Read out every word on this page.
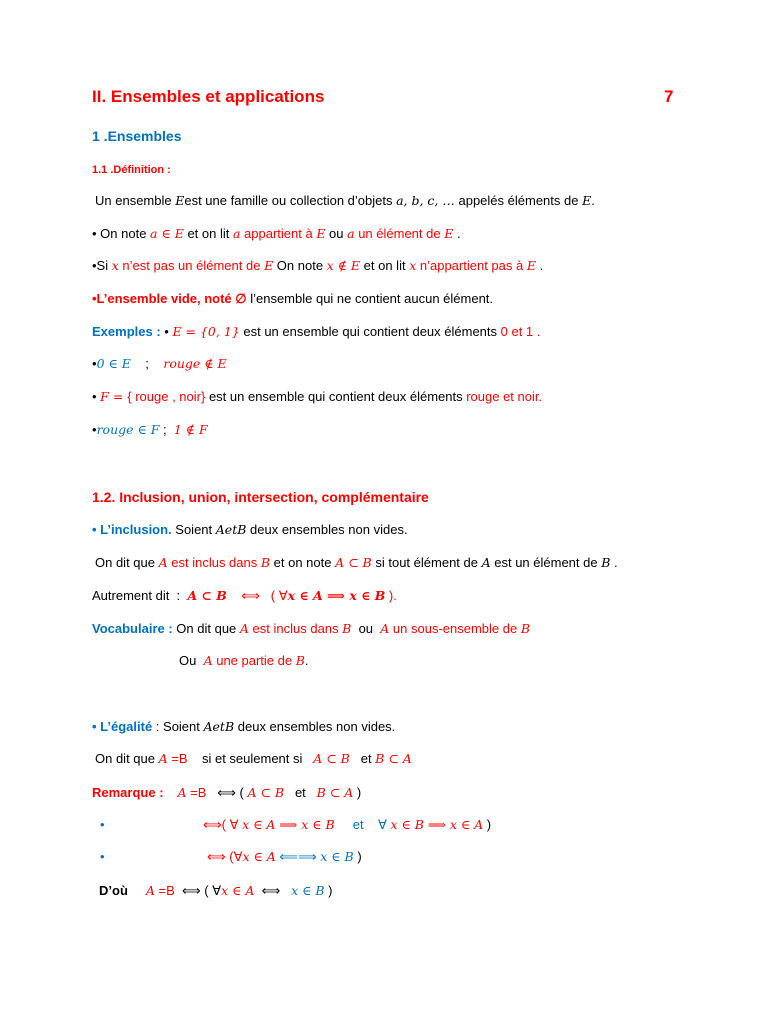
II. Ensembles et applications	7
1 .Ensembles
1.1 .Définition :
Un ensemble Eest une famille ou collection d’objets a, b, c, … appelés éléments de E.
• On note a ∈ E et on lit a appartient à E ou a un élément de E .
•Si x n’est pas un élément de E On note x ∉ E et on lit x n’appartient pas à E .
•L’ensemble vide, noté ∅ l’ensemble qui ne contient aucun élément.
Exemples : • E = {0, 1} est un ensemble qui contient deux éléments 0 et 1 .
•0 ∈ E    ;    rouge ∉ E
• F = { rouge , noir} est un ensemble qui contient deux éléments rouge et noir.
•rouge ∈ F ;  1 ∉ F
1.2. Inclusion, union, intersection, complémentaire
• L’inclusion. Soient AetB deux ensembles non vides.
On dit que A est inclus dans B et on note A ⊂ B si tout élément de A est un élément de B .
Autrement dit  :  A ⊂ B    ⟺   ( ∀x ∈ A ⟹ x ∈ B ).
Vocabulaire : On dit que A est inclus dans B  ou  A un sous-ensemble de B
Ou  A une partie de B.
• L’égalité : Soient AetB deux ensembles non vides.
On dit que A =B    si et seulement si   A ⊂ B   et B ⊂ A
Remarque : A =B   ⟺ ( A ⊂ B   et   B ⊂ A )
•	⟺( ∀ x ∈ A ⟹ x ∈ B     et    ∀ x ∈ B ⟹ x ∈ A )
•	⟺ (∀x ∈ A ⟸⟹ x ∈ B )
D’où A =B  ⟺ ( ∀x ∈ A  ⟺   x ∈ B )
